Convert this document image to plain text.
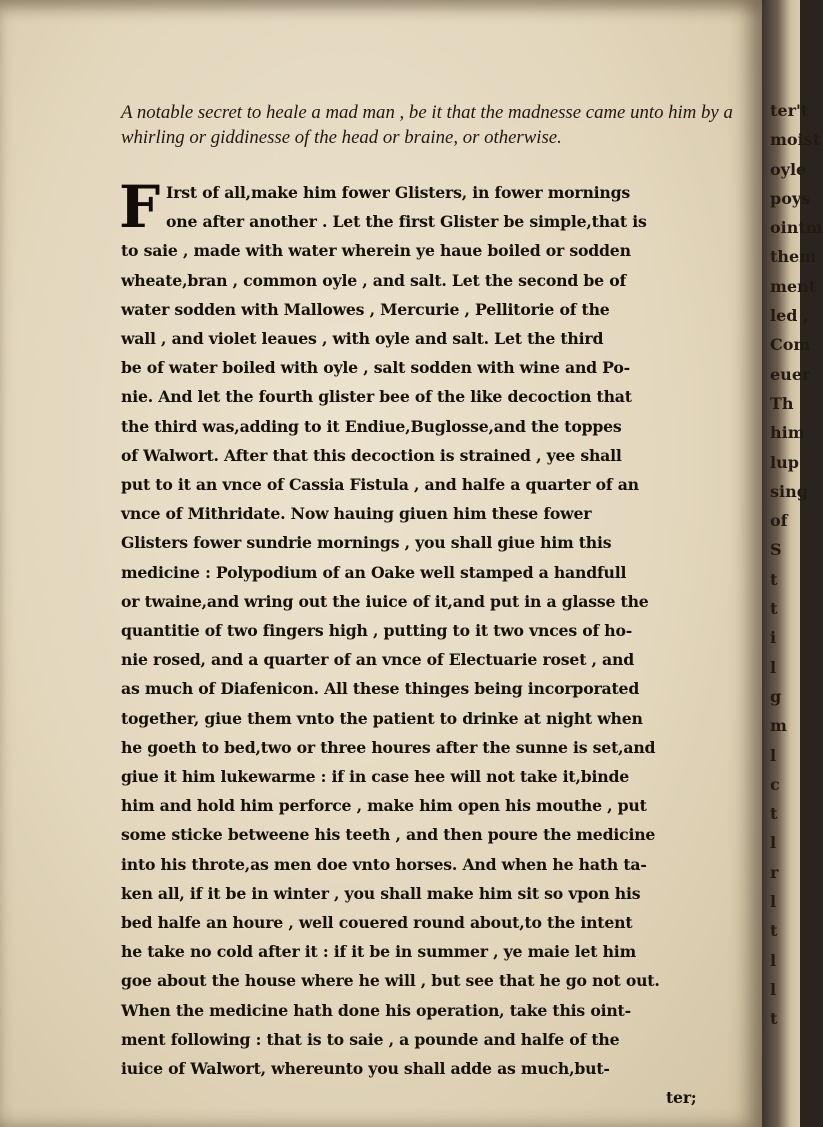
ter't
moist
oyle
poys
ointm
them
ment
led ,
Com
euer
Th
him
lup
sing
of
S
t
t
i
l
g
m
l
c
t
l
r
l
t
l
l
t

A notable secret to heale a mad man , be it that the madnesse came unto him by a whirling or giddinesse of the head or braine, or otherwise.

F Irst of all,make him fower Glisters, in fower mornings
one after another . Let the first Glister be simple,that is
to saie , made with water wherein ye haue boiled or sodden
wheate,bran , common oyle , and salt. Let the second be of
water sodden with Mallowes , Mercurie , Pellitorie of the
wall , and violet leaues , with oyle and salt. Let the third
be of water boiled with oyle , salt sodden with wine and Po-
nie. And let the fourth glister bee of the like decoction that
the third was,adding to it Endiue,Buglosse,and the toppes
of Walwort. After that this decoction is strained , yee shall
put to it an vnce of Cassia Fistula , and halfe a quarter of an
vnce of Mithridate. Now hauing giuen him these fower
Glisters fower sundrie mornings , you shall giue him this
medicine : Polypodium of an Oake well stamped a handfull
or twaine,and wring out the iuice of it,and put in a glasse the
quantitie of two fingers high , putting to it two vnces of ho-
nie rosed, and a quarter of an vnce of Electuarie roset , and
as much of Diafenicon. All these thinges being incorporated
together, giue them vnto the patient to drinke at night when
he goeth to bed,two or three houres after the sunne is set,and
giue it him lukewarme : if in case hee will not take it,binde
him and hold him perforce , make him open his mouthe , put
some sticke betweene his teeth , and then poure the medicine
into his throte,as men doe vnto horses. And when he hath ta-
ken all, if it be in winter , you shall make him sit so vpon his
bed halfe an houre , well couered round about,to the intent
he take no cold after it : if it be in summer , ye maie let him
goe about the house where he will , but see that he go not out.
When the medicine hath done his operation, take this oint-
ment following : that is to saie , a pounde and halfe of the
iuice of Walwort, whereunto you shall adde as much,but-
ter;
